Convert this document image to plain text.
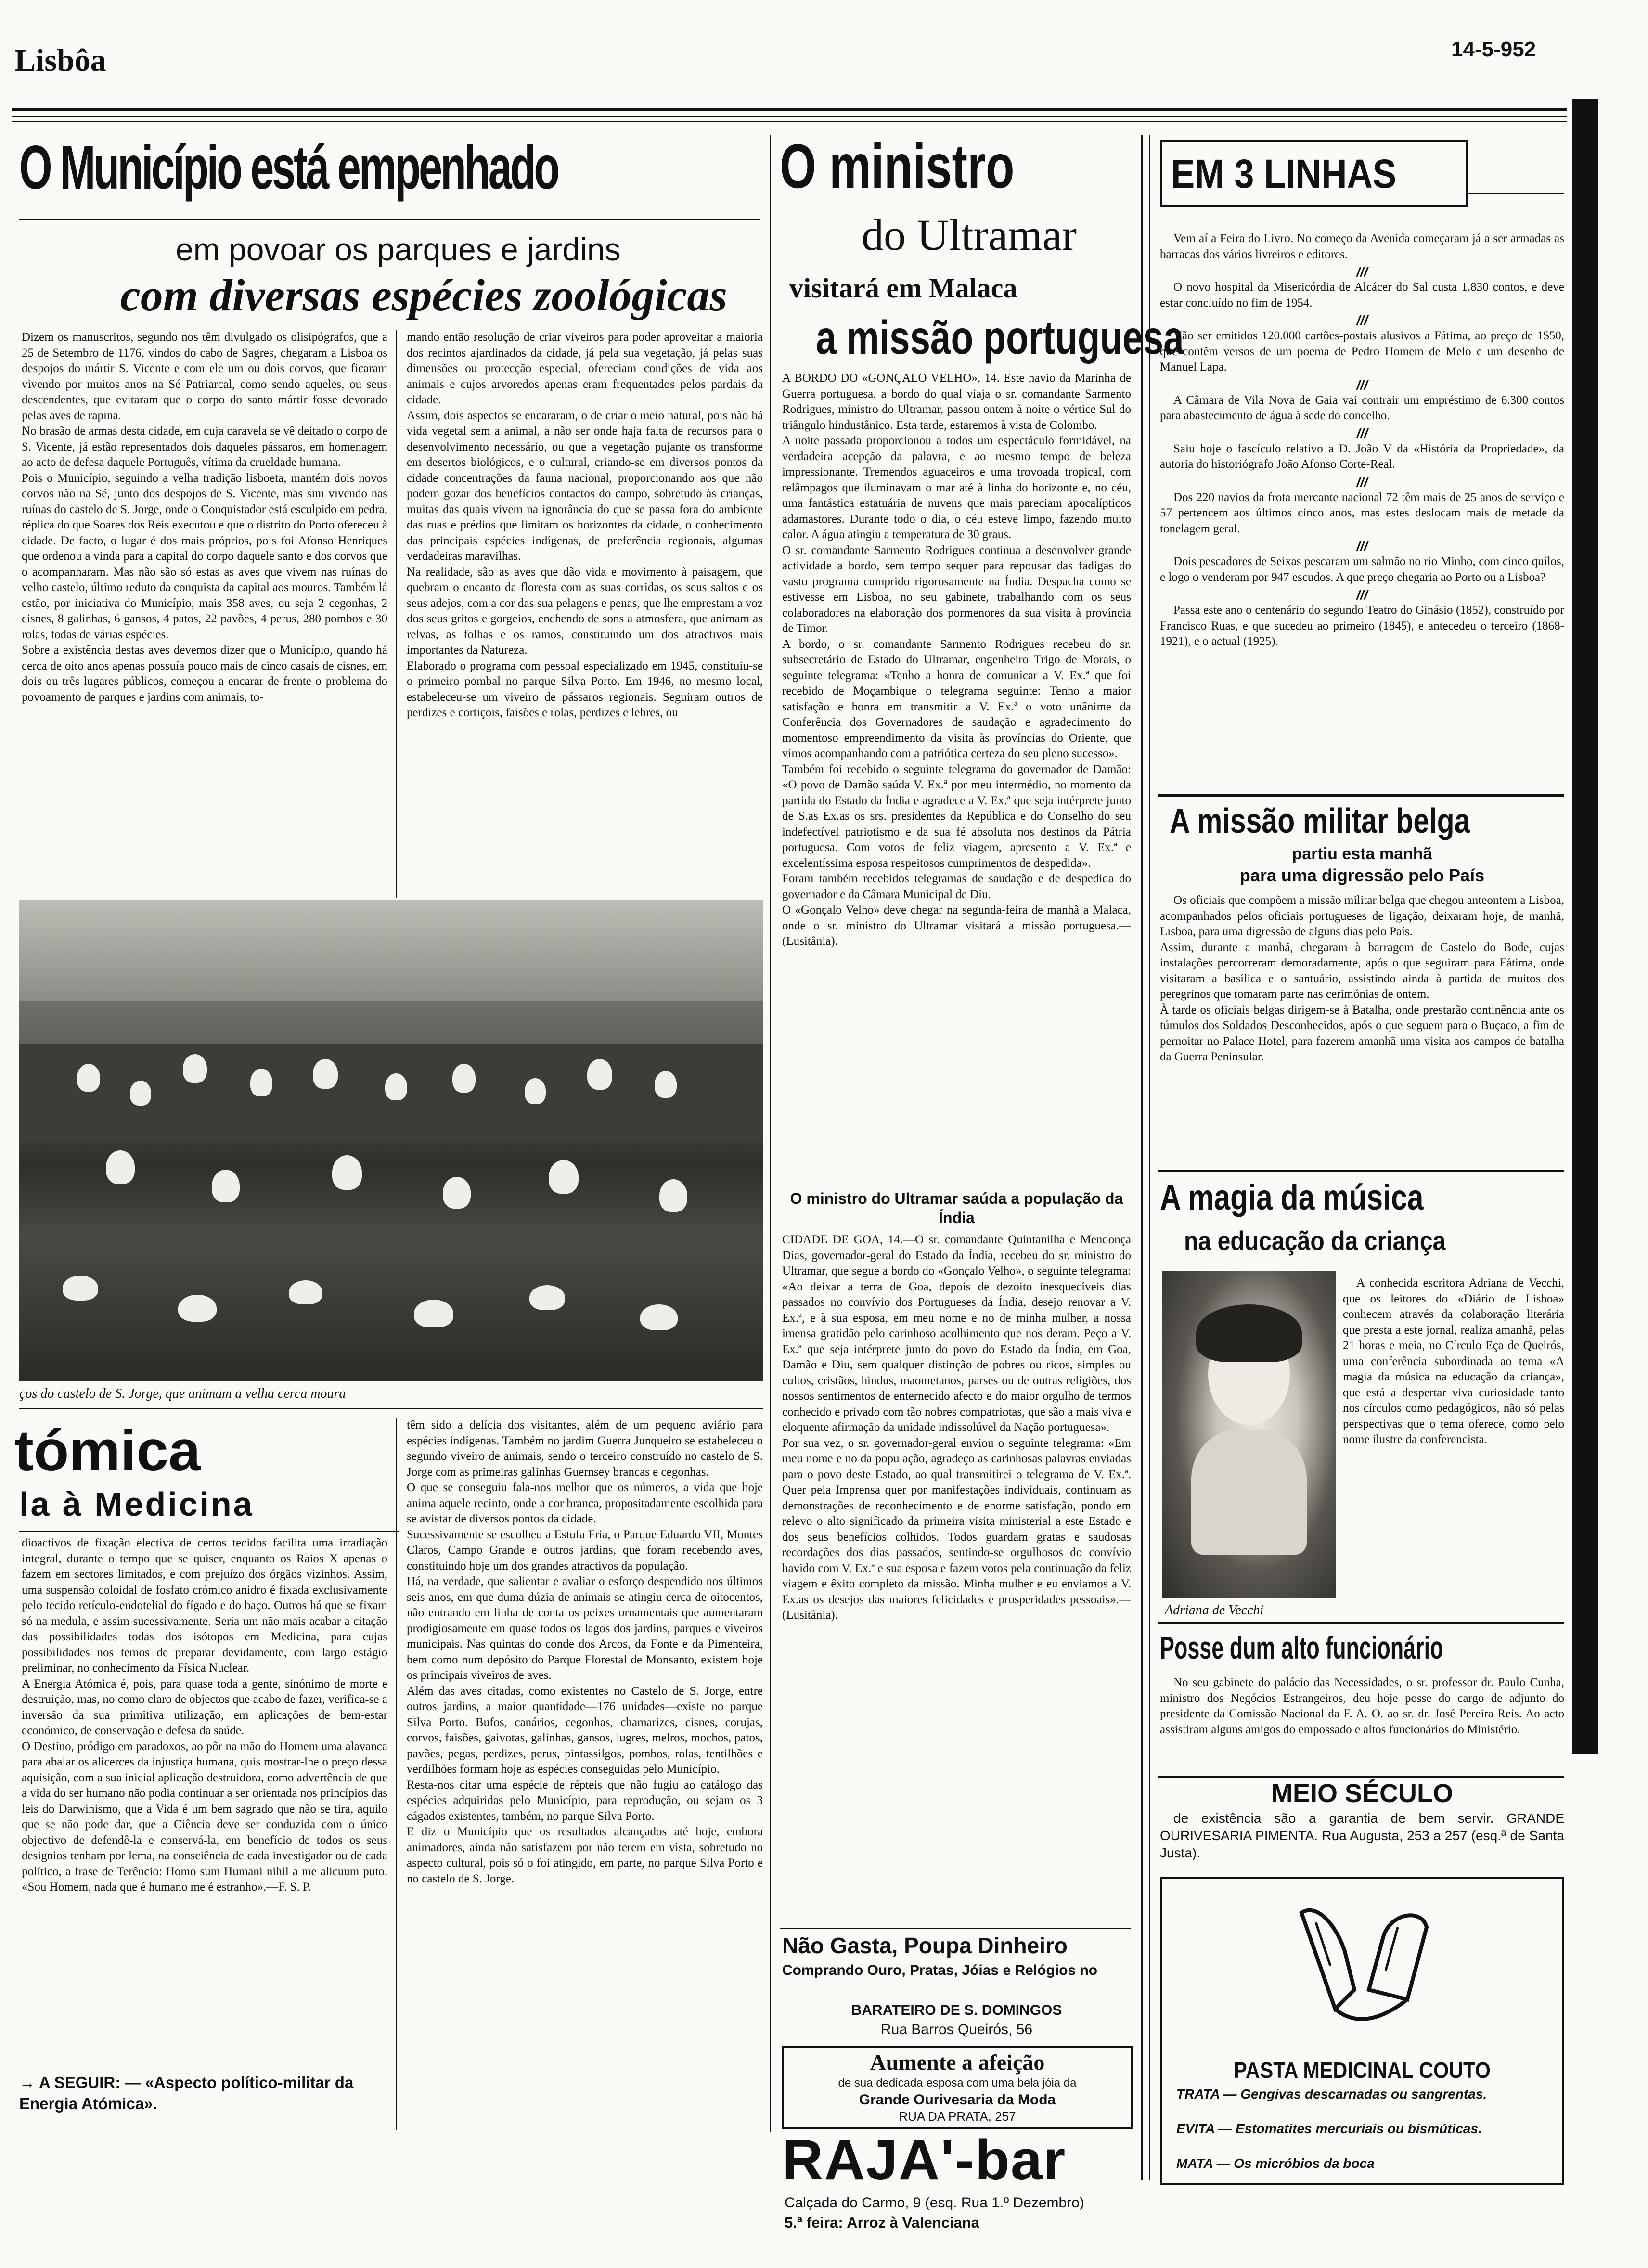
Lisbôa	14-5-952
O Município está empenhado
em povoar os parques e jardins
com diversas espécies zoológicas

Dizem os manuscritos, segundo nos têm divulgado os olisipógrafos, que a 25 de Setembro de 1176, vindos do cabo de Sagres, chegaram a Lisboa os despojos do mártir S. Vicente e com ele um ou dois corvos, que ficaram vivendo por muitos anos na Sé Patriarcal, como sendo aqueles, ou seus descendentes, que evitaram que o corpo do santo mártir fosse devorado pelas aves de rapina.
No brasão de armas desta cidade, em cuja caravela se vê deitado o corpo de S. Vicente, já estão representados dois daqueles pássaros, em homenagem ao acto de defesa daquele Português, vítima da crueldade humana.
Pois o Município, seguindo a velha tradição lisboeta, mantém dois novos corvos não na Sé, junto dos despojos de S. Vicente, mas sim vivendo nas ruínas do castelo de S. Jorge, onde o Conquistador está esculpido em pedra, réplica do que Soares dos Reis executou e que o distrito do Porto ofereceu à cidade. De facto, o lugar é dos mais próprios, pois foi Afonso Henriques que ordenou a vinda para a capital do corpo daquele santo e dos corvos que o acompanharam. Mas não são só estas as aves que vivem nas ruínas do velho castelo, último reduto da conquista da capital aos mouros. Também lá estão, por iniciativa do Município, mais 358 aves, ou seja 2 cegonhas, 2 cisnes, 8 galinhas, 6 gansos, 4 patos, 22 pavões, 4 perus, 280 pombos e 30 rolas, todas de várias espécies.
Sobre a existência destas aves devemos dizer que o Município, quando há cerca de oito anos apenas possuía pouco mais de cinco casais de cisnes, em dois ou três lugares públicos, começou a encarar de frente o problema do povoamento de parques e jardins com animais, to-

mando então resolução de criar viveiros para poder aproveitar a maioria dos recintos ajardinados da cidade, já pela sua vegetação, já pelas suas dimensões ou protecção especial, ofereciam condições de vida aos animais e cujos arvoredos apenas eram frequentados pelos pardais da cidade.
Assim, dois aspectos se encararam, o de criar o meio natural, pois não há vida vegetal sem a animal, a não ser onde haja falta de recursos para o desenvolvimento necessário, ou que a vegetação pujante os transforme em desertos biológicos, e o cultural, criando-se em diversos pontos da cidade concentrações da fauna nacional, proporcionando aos que não podem gozar dos benefícios contactos do campo, sobretudo às crianças, muitas das quais vivem na ignorância do que se passa fora do ambiente das ruas e prédios que limitam os horizontes da cidade, o conhecimento das principais espécies indígenas, de preferência regionais, algumas verdadeiras maravilhas.
Na realidade, são as aves que dão vida e movimento à paisagem, que quebram o encanto da floresta com as suas corridas, os seus saltos e os seus adejos, com a cor das sua pelagens e penas, que lhe emprestam a voz dos seus gritos e gorgeios, enchendo de sons a atmosfera, que animam as relvas, as folhas e os ramos, constituindo um dos atractivos mais importantes da Natureza.
Elaborado o programa com pessoal especializado em 1945, constituiu-se o primeiro pombal no parque Silva Porto. Em 1946, no mesmo local, estabeleceu-se um viveiro de pássaros regionais. Seguiram outros de perdizes e cortiçois, faisões e rolas, perdizes e lebres, ou

ços do castelo de S. Jorge, que animam a velha cerca moura
tómica
la à Medicina

dioactivos de fixação electiva de certos tecidos facilita uma irradiação integral, durante o tempo que se quiser, enquanto os Raios X apenas o fazem em sectores limitados, e com prejuízo dos órgãos vizinhos. Assim, uma suspensão coloidal de fosfato crómico anidro é fixada exclusivamente pelo tecido retículo-endotelial do fígado e do baço. Outros há que se fixam só na medula, e assim sucessivamente. Seria um não mais acabar a citação das possibilidades todas dos isótopos em Medicina, para cujas possibilidades nos temos de preparar devidamente, com largo estágio preliminar, no conhecimento da Física Nuclear.
A Energia Atómica é, pois, para quase toda a gente, sinónimo de morte e destruição, mas, no como claro de objectos que acabo de fazer, verifica-se a inversão da sua primitiva utilização, em aplicações de bem-estar económico, de conservação e defesa da saúde.
O Destino, pródigo em paradoxos, ao pôr na mão do Homem uma alavanca para abalar os alicerces da injustiça humana, quis mostrar-lhe o preço dessa aquisição, com a sua inicial aplicação destruidora, como advertência de que a vida do ser humano não podia continuar a ser orientada nos princípios das leis do Darwinismo, que a Vida é um bem sagrado que não se tira, aquilo que se não pode dar, que a Ciência deve ser conduzida com o único objectivo de defendê-la e conservá-la, em benefício de todos os seus designios tenham por lema, na consciência de cada investigador ou de cada político, a frase de Terêncio: Homo sum Humani nihil a me alicuum puto. «Sou Homem, nada que é humano me é estranho».—F. S. P.

→ A SEGUIR: — «Aspecto político-militar da Energia Atómica».

têm sido a delícia dos visitantes, além de um pequeno aviário para espécies indígenas. Também no jardim Guerra Junqueiro se estabeleceu o segundo viveiro de animais, sendo o terceiro construído no castelo de S. Jorge com as primeiras galinhas Guernsey brancas e cegonhas.
O que se conseguiu fala-nos melhor que os números, a vida que hoje anima aquele recinto, onde a cor branca, propositadamente escolhida para se avistar de diversos pontos da cidade.
Sucessivamente se escolheu a Estufa Fria, o Parque Eduardo VII, Montes Claros, Campo Grande e outros jardins, que foram recebendo aves, constituindo hoje um dos grandes atractivos da população.
Há, na verdade, que salientar e avaliar o esforço despendido nos últimos seis anos, em que duma dúzia de animais se atingiu cerca de oitocentos, não entrando em linha de conta os peixes ornamentais que aumentaram prodigiosamente em quase todos os lagos dos jardins, parques e viveiros municipais. Nas quintas do conde dos Arcos, da Fonte e da Pimenteira, bem como num depósito do Parque Florestal de Monsanto, existem hoje os principais viveiros de aves.
Além das aves citadas, como existentes no Castelo de S. Jorge, entre outros jardins, a maior quantidade—176 unidades—existe no parque Silva Porto. Bufos, canários, cegonhas, chamarizes, cisnes, corujas, corvos, faisões, gaivotas, galinhas, gansos, lugres, melros, mochos, patos, pavões, pegas, perdizes, perus, pintassilgos, pombos, rolas, tentilhões e verdilhões formam hoje as espécies conseguidas pelo Município.
Resta-nos citar uma espécie de répteis que não fugiu ao catálogo das espécies adquiridas pelo Município, para reprodução, ou sejam os 3 cágados existentes, também, no parque Silva Porto.
E diz o Município que os resultados alcançados até hoje, embora animadores, ainda não satisfazem por não terem em vista, sobretudo no aspecto cultural, pois só o foi atingido, em parte, no parque Silva Porto e no castelo de S. Jorge.

O ministro
do Ultramar
visitará em Malaca
a missão portuguesa

A BORDO DO «GONÇALO VELHO», 14. Este navio da Marinha de Guerra portuguesa, a bordo do qual viaja o sr. comandante Sarmento Rodrigues, ministro do Ultramar, passou ontem à noite o vértice Sul do triângulo hindustânico. Esta tarde, estaremos à vista de Colombo.
A noite passada proporcionou a todos um espectáculo formidável, na verdadeira acepção da palavra, e ao mesmo tempo de beleza impressionante. Tremendos aguaceiros e uma trovoada tropical, com relâmpagos que iluminavam o mar até à linha do horizonte e, no céu, uma fantástica estatuária de nuvens que mais pareciam apocalípticos adamastores. Durante todo o dia, o céu esteve limpo, fazendo muito calor. A água atingiu a temperatura de 30 graus.
O sr. comandante Sarmento Rodrigues continua a desenvolver grande actividade a bordo, sem tempo sequer para repousar das fadigas do vasto programa cumprido rigorosamente na Índia. Despacha como se estivesse em Lisboa, no seu gabinete, trabalhando com os seus colaboradores na elaboração dos pormenores da sua visita à província de Timor.
A bordo, o sr. comandante Sarmento Rodrigues recebeu do sr. subsecretário de Estado do Ultramar, engenheiro Trigo de Morais, o seguinte telegrama: «Tenho a honra de comunicar a V. Ex.ª que foi recebido de Moçambique o telegrama seguinte: Tenho a maior satisfação e honra em transmitir a V. Ex.ª o voto unânime da Conferência dos Governadores de saudação e agradecimento do momentoso empreendimento da visita às províncias do Oriente, que vimos acompanhando com a patriótica certeza do seu pleno sucesso».
Também foi recebido o seguinte telegrama do governador de Damão: «O povo de Damão saúda V. Ex.ª por meu intermédio, no momento da partida do Estado da Índia e agradece a V. Ex.ª que seja intérprete junto de S.as Ex.as os srs. presidentes da República e do Conselho do seu indefectível patriotismo e da sua fé absoluta nos destinos da Pátria portuguesa. Com votos de feliz viagem, apresento a V. Ex.ª e excelentíssima esposa respeitosos cumprimentos de despedida».
Foram também recebidos telegramas de saudação e de despedida do governador e da Câmara Municipal de Diu.
O «Gonçalo Velho» deve chegar na segunda-feira de manhã a Malaca, onde o sr. ministro do Ultramar visitará a missão portuguesa.— (Lusitânia).

O ministro do Ultramar saúda a população da Índia

CIDADE DE GOA, 14.—O sr. comandante Quintanilha e Mendonça Dias, governador-geral do Estado da Índia, recebeu do sr. ministro do Ultramar, que segue a bordo do «Gonçalo Velho», o seguinte telegrama: «Ao deixar a terra de Goa, depois de dezoito inesquecíveis dias passados no convívio dos Portugueses da Índia, desejo renovar a V. Ex.ª, e à sua esposa, em meu nome e no de minha mulher, a nossa imensa gratidão pelo carinhoso acolhimento que nos deram. Peço a V. Ex.ª que seja intérprete junto do povo do Estado da Índia, em Goa, Damão e Diu, sem qualquer distinção de pobres ou ricos, simples ou cultos, cristãos, hindus, maometanos, parses ou de outras religiões, dos nossos sentimentos de enternecido afecto e do maior orgulho de termos conhecido e privado com tão nobres compatriotas, que são a mais viva e eloquente afirmação da unidade indissolúvel da Nação portuguesa».
Por sua vez, o sr. governador-geral enviou o seguinte telegrama: «Em meu nome e no da população, agradeço as carinhosas palavras enviadas para o povo deste Estado, ao qual transmitirei o telegrama de V. Ex.ª. Quer pela Imprensa quer por manifestações individuais, continuam as demonstrações de reconhecimento e de enorme satisfação, pondo em relevo o alto significado da primeira visita ministerial a este Estado e dos seus benefícios colhidos. Todos guardam gratas e saudosas recordações dos dias passados, sentindo-se orgulhosos do convívio havido com V. Ex.ª e sua esposa e fazem votos pela continuação da feliz viagem e êxito completo da missão. Minha mulher e eu enviamos a V. Ex.as os desejos das maiores felicidades e prosperidades pessoais».—(Lusitânia).

Não Gasta, Poupa Dinheiro
Comprando Ouro, Pratas, Jóias e Relógios no
BARATEIRO DE S. DOMINGOS
Rua Barros Queirós, 56
Aumente a afeição
de sua dedicada esposa com uma bela jóia da
Grande Ourivesaria da Moda
RUA DA PRATA, 257
RAJA'-bar
Calçada do Carmo, 9 (esq. Rua 1.º Dezembro)
5.ª feira: Arroz à Valenciana
EM 3 LINHAS

Vem aí a Feira do Livro. No começo da Avenida começaram já a ser armadas as barracas dos vários livreiros e editores.

///

O novo hospital da Misericórdia de Alcácer do Sal custa 1.830 contos, e deve estar concluído no fim de 1954.

///

Vão ser emitidos 120.000 cartões-postais alusivos a Fátima, ao preço de 1$50, que contêm versos de um poema de Pedro Homem de Melo e um desenho de Manuel Lapa.

///

A Câmara de Vila Nova de Gaia vai contrair um empréstimo de 6.300 contos para abastecimento de água à sede do concelho.

///

Saiu hoje o fascículo relativo a D. João V da «História da Propriedade», da autoria do historiógrafo João Afonso Corte-Real.

///

Dos 220 navios da frota mercante nacional 72 têm mais de 25 anos de serviço e 57 pertencem aos últimos cinco anos, mas estes deslocam mais de metade da tonelagem geral.

///

Dois pescadores de Seixas pescaram um salmão no rio Minho, com cinco quilos, e logo o venderam por 947 escudos. A que preço chegaria ao Porto ou a Lisboa?

///

Passa este ano o centenário do segundo Teatro do Ginásio (1852), construído por Francisco Ruas, e que sucedeu ao primeiro (1845), e antecedeu o terceiro (1868-1921), e o actual (1925).

A missão militar belga
partiu esta manhã
para uma digressão pelo País

Os oficiais que compõem a missão militar belga que chegou anteontem a Lisboa, acompanhados pelos oficiais portugueses de ligação, deixaram hoje, de manhã, Lisboa, para uma digressão de alguns dias pelo País.
Assim, durante a manhã, chegaram à barragem de Castelo do Bode, cujas instalações percorreram demoradamente, após o que seguiram para Fátima, onde visitaram a basílica e o santuário, assistindo ainda à partida de muitos dos peregrinos que tomaram parte nas cerimónias de ontem.
À tarde os oficiais belgas dirigem-se à Batalha, onde prestarão continência ante os túmulos dos Soldados Desconhecidos, após o que seguem para o Buçaco, a fim de pernoitar no Palace Hotel, para fazerem amanhã uma visita aos campos de batalha da Guerra Peninsular.

A magia da música
na educação da criança
Adriana de Vecchi

A conhecida escritora Adriana de Vecchi, que os leitores do «Diário de Lisboa» conhecem através da colaboração literária que presta a este jornal, realiza amanhã, pelas 21 horas e meia, no Círculo Eça de Queirós, uma conferência subordinada ao tema «A magia da música na educação da criança», que está a despertar viva curiosidade tanto nos círculos como pedagógicos, não só pelas perspectivas que o tema oferece, como pelo nome ilustre da conferencista.

Posse dum alto funcionário

No seu gabinete do palácio das Necessidades, o sr. professor dr. Paulo Cunha, ministro dos Negócios Estrangeiros, deu hoje posse do cargo de adjunto do presidente da Comissão Nacional da F. A. O. ao sr. dr. José Pereira Reis. Ao acto assistiram alguns amigos do empossado e altos funcionários do Ministério.

MEIO SÉCULO

de existência são a garantia de bem servir. GRANDE OURIVESARIA PIMENTA. Rua Augusta, 253 a 257 (esq.ª de Santa Justa).

PASTA MEDICINAL COUTO
TRATA — Gengivas descarnadas ou sangrentas.
EVITA — Estomatites mercuriais ou bismúticas.
MATA — Os micróbios da boca
